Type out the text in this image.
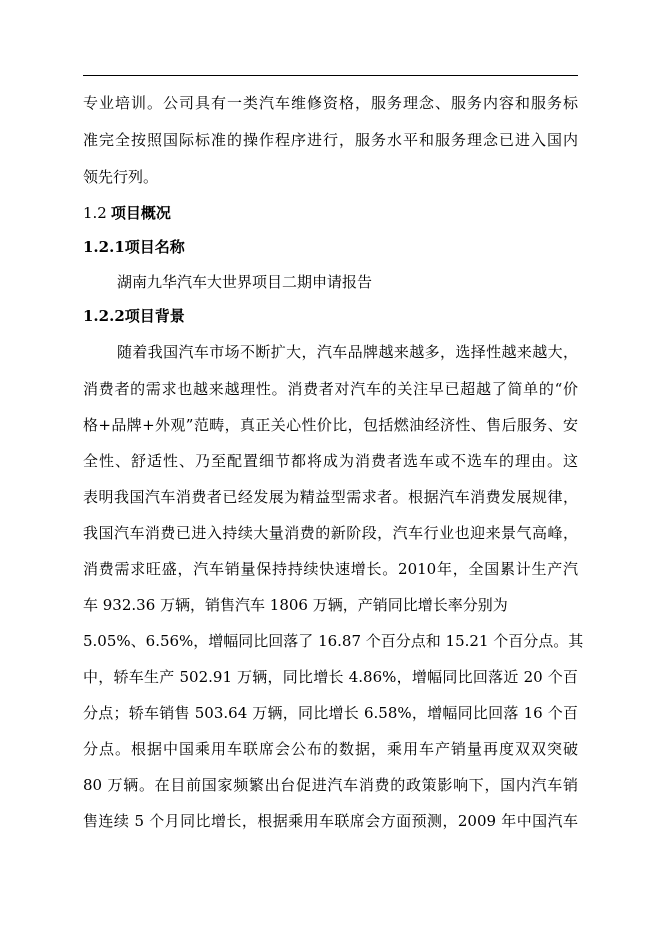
专业培训。公司具有一类汽车维修资格，服务理念、服务内容和服务标
准完全按照国际标准的操作程序进行，服务水平和服务理念已进入国内
领先行列。
1.2 项目概况
1.2.1项目名称
湖南九华汽车大世界项目二期申请报告
1.2.2项目背景
随着我国汽车市场不断扩大，汽车品牌越来越多，选择性越来越大，
消费者的需求也越来越理性。消费者对汽车的关注早已超越了简单的“价
格+品牌+外观”范畴，真正关心性价比，包括燃油经济性、售后服务、安
全性、舒适性、乃至配置细节都将成为消费者选车或不选车的理由。这
表明我国汽车消费者已经发展为精益型需求者。根据汽车消费发展规律，
我国汽车消费已进入持续大量消费的新阶段，汽车行业也迎来景气高峰，
消费需求旺盛，汽车销量保持持续快速增长。2010年，全国累计生产汽
车 932.36 万辆，销售汽车 1806 万辆，产销同比增长率分别为
5.05%、6.56%，增幅同比回落了 16.87 个百分点和 15.21 个百分点。其
中，轿车生产 502.91 万辆，同比增长 4.86%，增幅同比回落近 20 个百
分点；轿车销售 503.64 万辆，同比增长 6.58%，增幅同比回落 16 个百
分点。根据中国乘用车联席会公布的数据，乘用车产销量再度双双突破
80 万辆。在目前国家频繁出台促进汽车消费的政策影响下，国内汽车销
售连续 5 个月同比增长，根据乘用车联席会方面预测，2009 年中国汽车
